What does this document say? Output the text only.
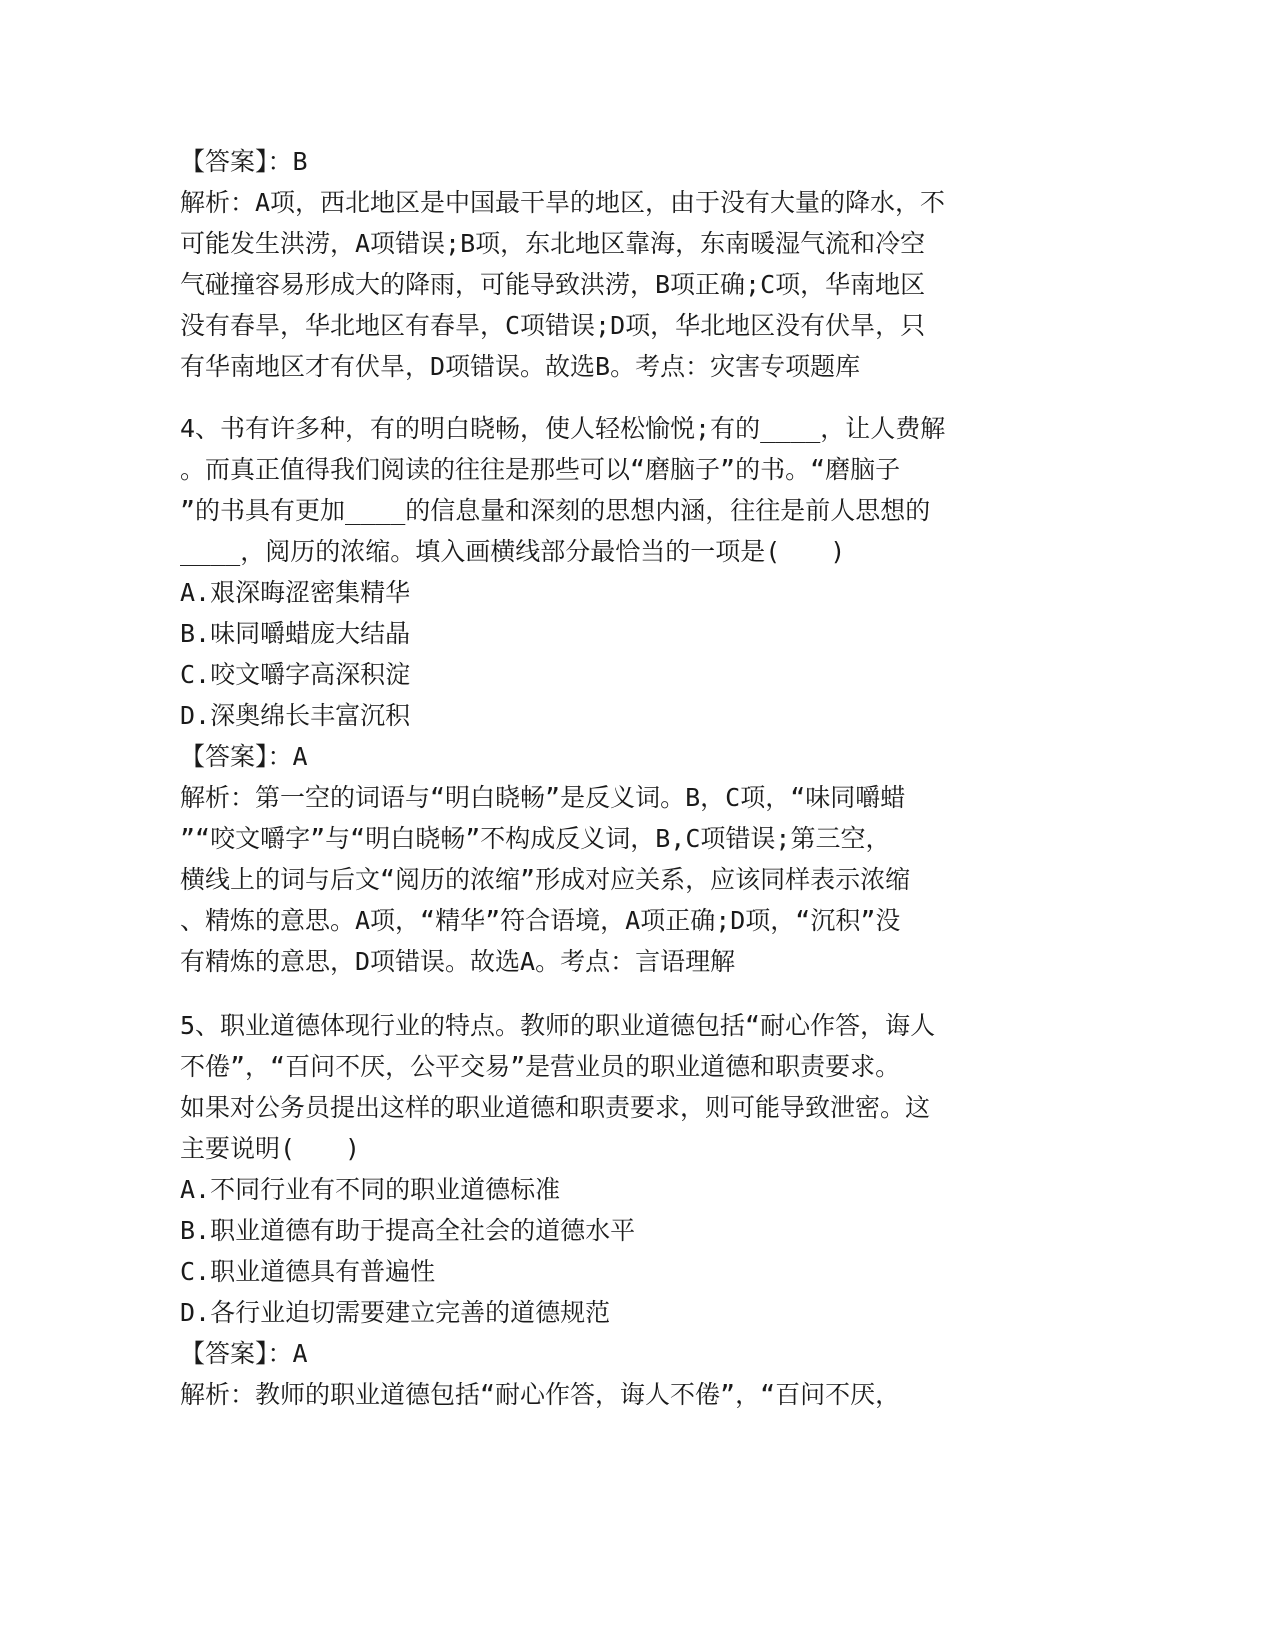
【答案】：B
解析：A项，西北地区是中国最干旱的地区，由于没有大量的降水，不
可能发生洪涝，A项错误;B项，东北地区靠海，东南暖湿气流和冷空
气碰撞容易形成大的降雨，可能导致洪涝，B项正确;C项，华南地区
没有春旱，华北地区有春旱，C项错误;D项，华北地区没有伏旱，只
有华南地区才有伏旱，D项错误。故选B。考点：灾害专项题库
4、书有许多种，有的明白晓畅，使人轻松愉悦;有的____，让人费解
。而真正值得我们阅读的往往是那些可以“磨脑子”的书。“磨脑子
”的书具有更加____的信息量和深刻的思想内涵，往往是前人思想的
____，阅历的浓缩。填入画横线部分最恰当的一项是(　　)
A.艰深晦涩密集精华
B.味同嚼蜡庞大结晶
C.咬文嚼字高深积淀
D.深奥绵长丰富沉积
【答案】：A
解析：第一空的词语与“明白晓畅”是反义词。B，C项，“味同嚼蜡
”“咬文嚼字”与“明白晓畅”不构成反义词，B,C项错误;第三空，
横线上的词与后文“阅历的浓缩”形成对应关系，应该同样表示浓缩
、精炼的意思。A项，“精华”符合语境，A项正确;D项，“沉积”没
有精炼的意思，D项错误。故选A。考点：言语理解
5、职业道德体现行业的特点。教师的职业道德包括“耐心作答，诲人
不倦”，“百问不厌，公平交易”是营业员的职业道德和职责要求。
如果对公务员提出这样的职业道德和职责要求，则可能导致泄密。这
主要说明(　　)
A.不同行业有不同的职业道德标准
B.职业道德有助于提高全社会的道德水平
C.职业道德具有普遍性
D.各行业迫切需要建立完善的道德规范
【答案】：A
解析：教师的职业道德包括“耐心作答，诲人不倦”，“百问不厌，
